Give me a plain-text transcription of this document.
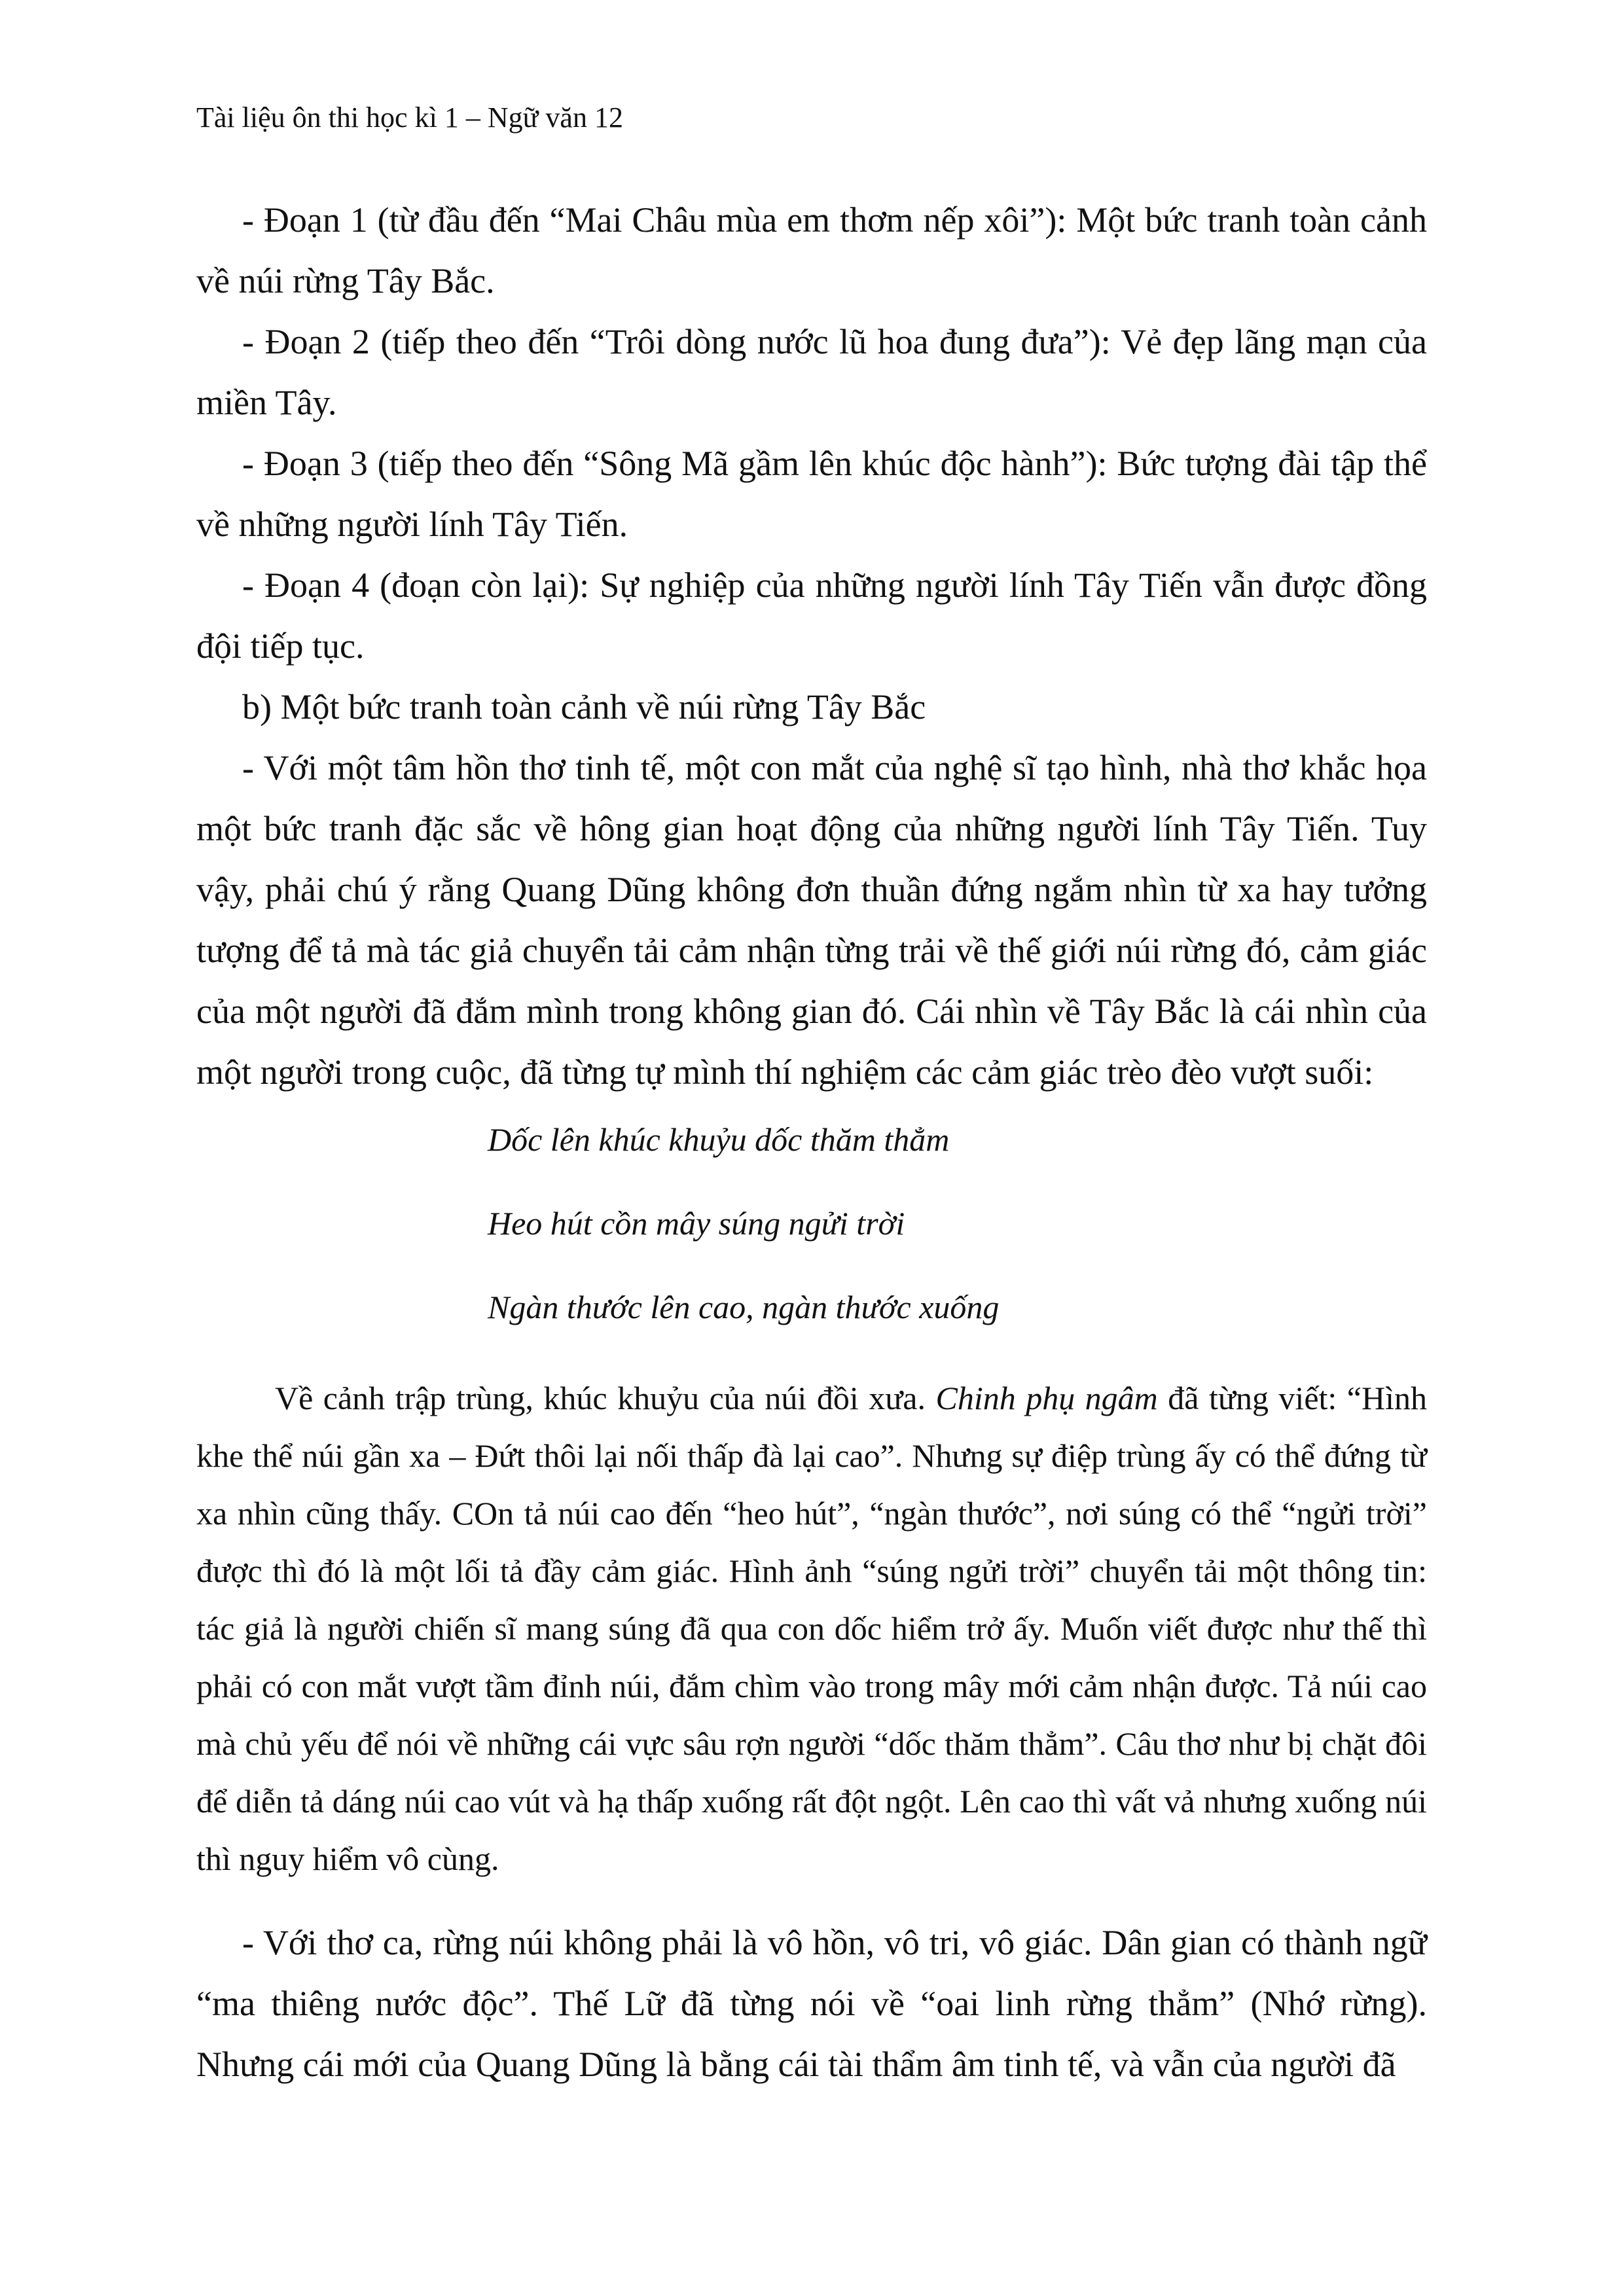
Tài liệu ôn thi học kì 1 – Ngữ văn 12

- Đoạn 1 (từ đầu đến “Mai Châu mùa em thơm nếp xôi”): Một bức tranh toàn cảnh về núi rừng Tây Bắc.

- Đoạn 2 (tiếp theo đến “Trôi dòng nước lũ hoa đung đưa”): Vẻ đẹp lãng mạn của miền Tây.

- Đoạn 3 (tiếp theo đến “Sông Mã gầm lên khúc độc hành”): Bức tượng đài tập thể về những người lính Tây Tiến.

- Đoạn 4 (đoạn còn lại): Sự nghiệp của những người lính Tây Tiến vẫn được đồng đội tiếp tục.

b) Một bức tranh toàn cảnh về núi rừng Tây Bắc

- Với một tâm hồn thơ tinh tế, một con mắt của nghệ sĩ tạo hình, nhà thơ khắc họa một bức tranh đặc sắc về hông gian hoạt động của những người lính Tây Tiến. Tuy vậy, phải chú ý rằng Quang Dũng không đơn thuần đứng ngắm nhìn từ xa hay tưởng tượng để tả mà tác giả chuyển tải cảm nhận từng trải về thế giới núi rừng đó, cảm giác của một người đã đắm mình trong không gian đó. Cái nhìn về Tây Bắc là cái nhìn của một người trong cuộc, đã từng tự mình thí nghiệm các cảm giác trèo đèo vượt suối:

Dốc lên khúc khuỷu dốc thăm thẳm

Heo hút cồn mây súng ngửi trời

Ngàn thước lên cao, ngàn thước xuống

Về cảnh trập trùng, khúc khuỷu của núi đồi xưa. Chinh phụ ngâm đã từng viết: “Hình khe thể núi gần xa – Đứt thôi lại nối thấp đà lại cao”. Nhưng sự điệp trùng ấy có thể đứng từ xa nhìn cũng thấy. COn tả núi cao đến “heo hút”, “ngàn thước”, nơi súng có thể “ngửi trời” được thì đó là một lối tả đầy cảm giác. Hình ảnh “súng ngửi trời” chuyển tải một thông tin: tác giả là người chiến sĩ mang súng đã qua con dốc hiểm trở ấy. Muốn viết được như thế thì phải có con mắt vượt tầm đỉnh núi, đắm chìm vào trong mây mới cảm nhận được. Tả núi cao mà chủ yếu để nói về những cái vực sâu rợn người “dốc thăm thẳm”. Câu thơ như bị chặt đôi để diễn tả dáng núi cao vút và hạ thấp xuống rất đột ngột. Lên cao thì vất vả nhưng xuống núi thì nguy hiểm vô cùng.

- Với thơ ca, rừng núi không phải là vô hồn, vô tri, vô giác. Dân gian có thành ngữ “ma thiêng nước độc”. Thế Lữ đã từng nói về “oai linh rừng thẳm” (Nhớ rừng). Nhưng cái mới của Quang Dũng là bằng cái tài thẩm âm tinh tế, và vẫn của người đã
